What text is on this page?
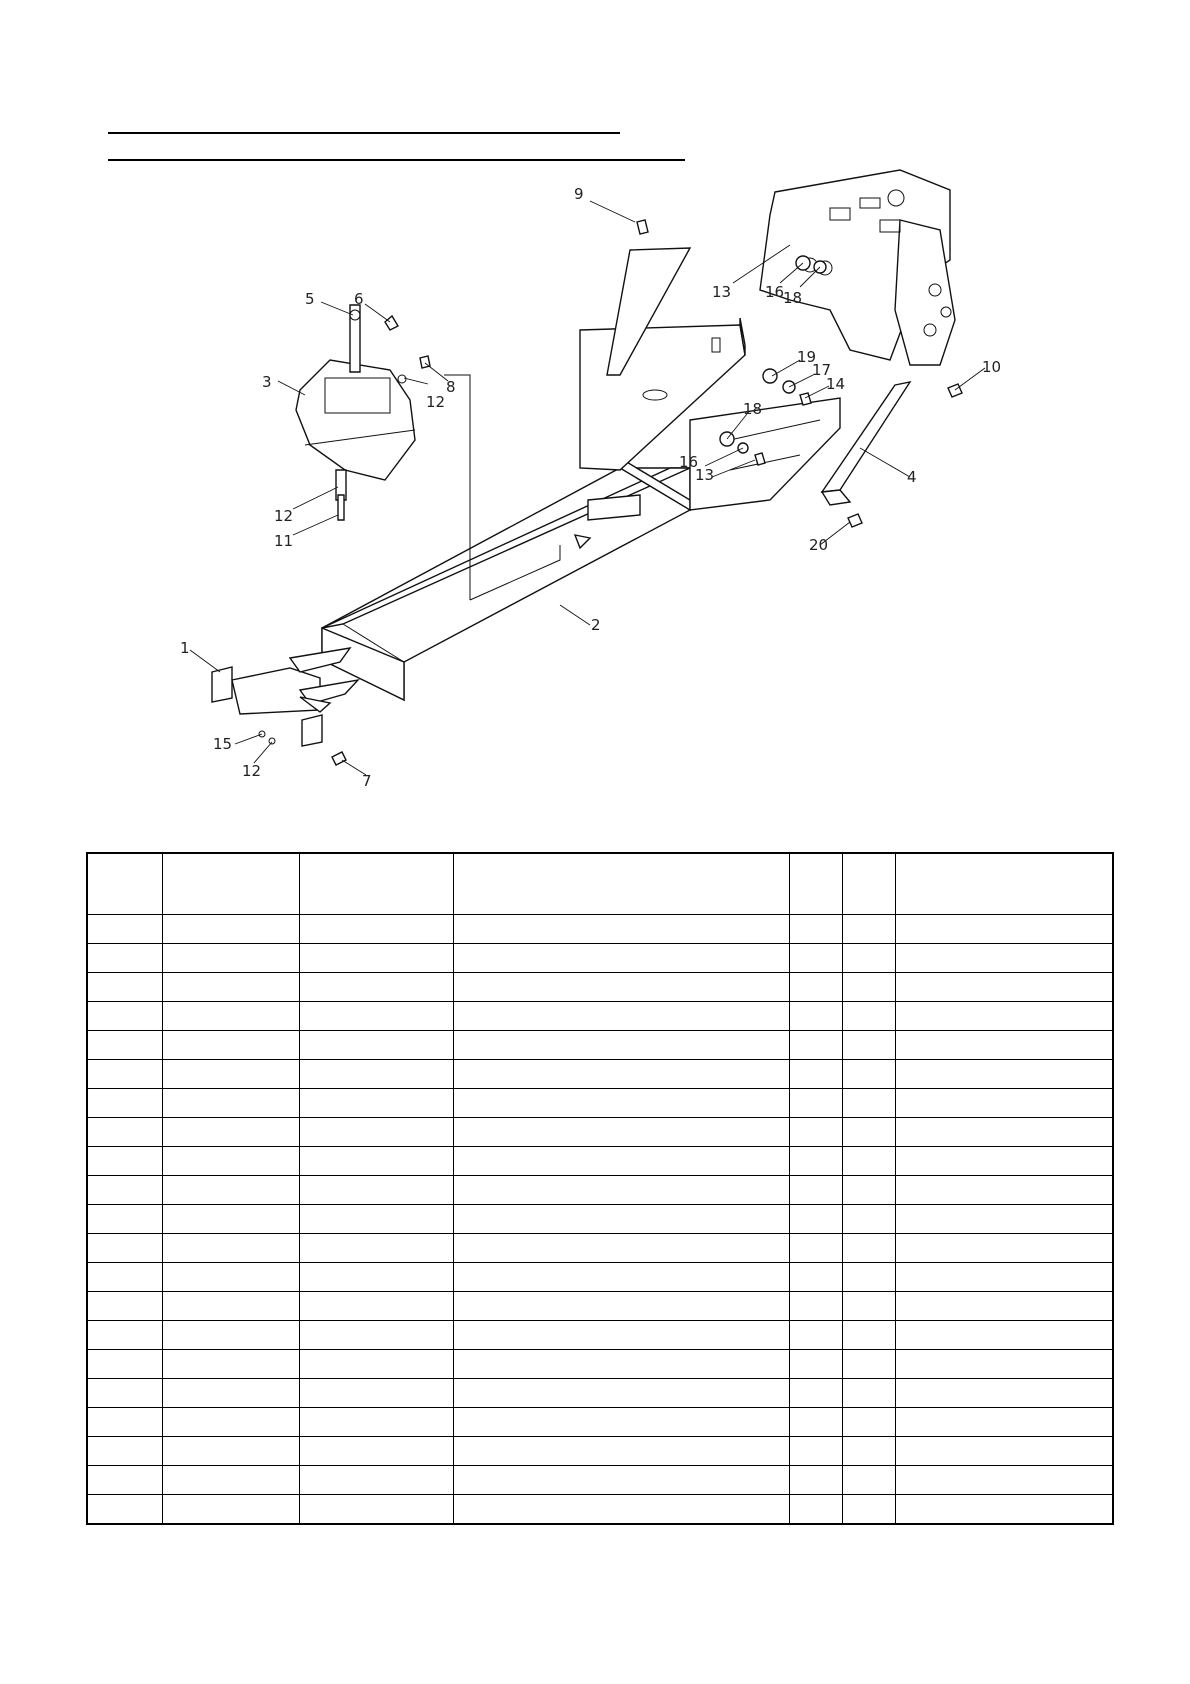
9
13 16
18
5	6
3
12
8
12
11
19
17
14
18
16
13	4
10
20
2
1
15
12
7
